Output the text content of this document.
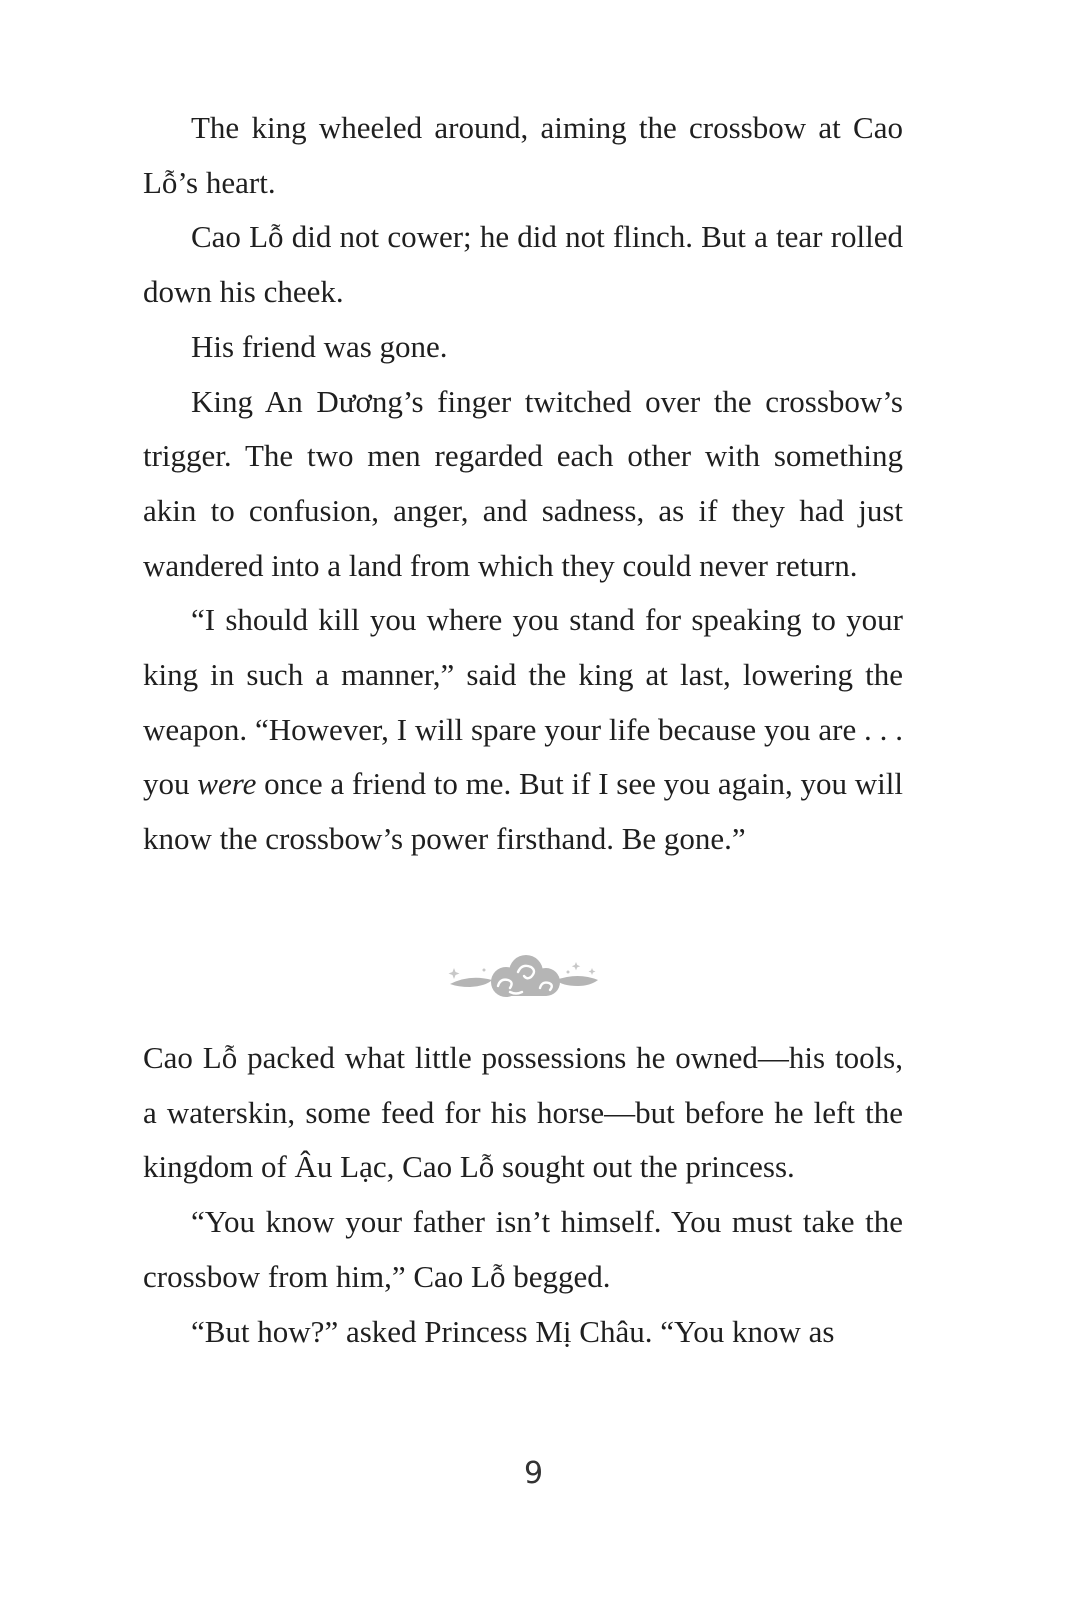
The king wheeled around, aiming the crossbow at Cao Lỗ’s heart.

Cao Lỗ did not cower; he did not flinch. But a tear rolled down his cheek.

His friend was gone.

King An Dương’s finger twitched over the crossbow’s trigger. The two men regarded each other with something akin to confusion, anger, and sadness, as if they had just wandered into a land from which they could never return.

“I should kill you where you stand for speaking to your king in such a manner,” said the king at last, lowering the weapon. “However, I will spare your life because you are . . . you were once a friend to me. But if I see you again, you will know the crossbow’s power firsthand. Be gone.”

Cao Lỗ packed what little possessions he owned—his tools, a waterskin, some feed for his horse—but before he left the kingdom of Âu Lạc, Cao Lỗ sought out the princess.

“You know your father isn’t himself. You must take the crossbow from him,” Cao Lỗ begged.

“But how?” asked Princess Mị Châu. “You know as

9
